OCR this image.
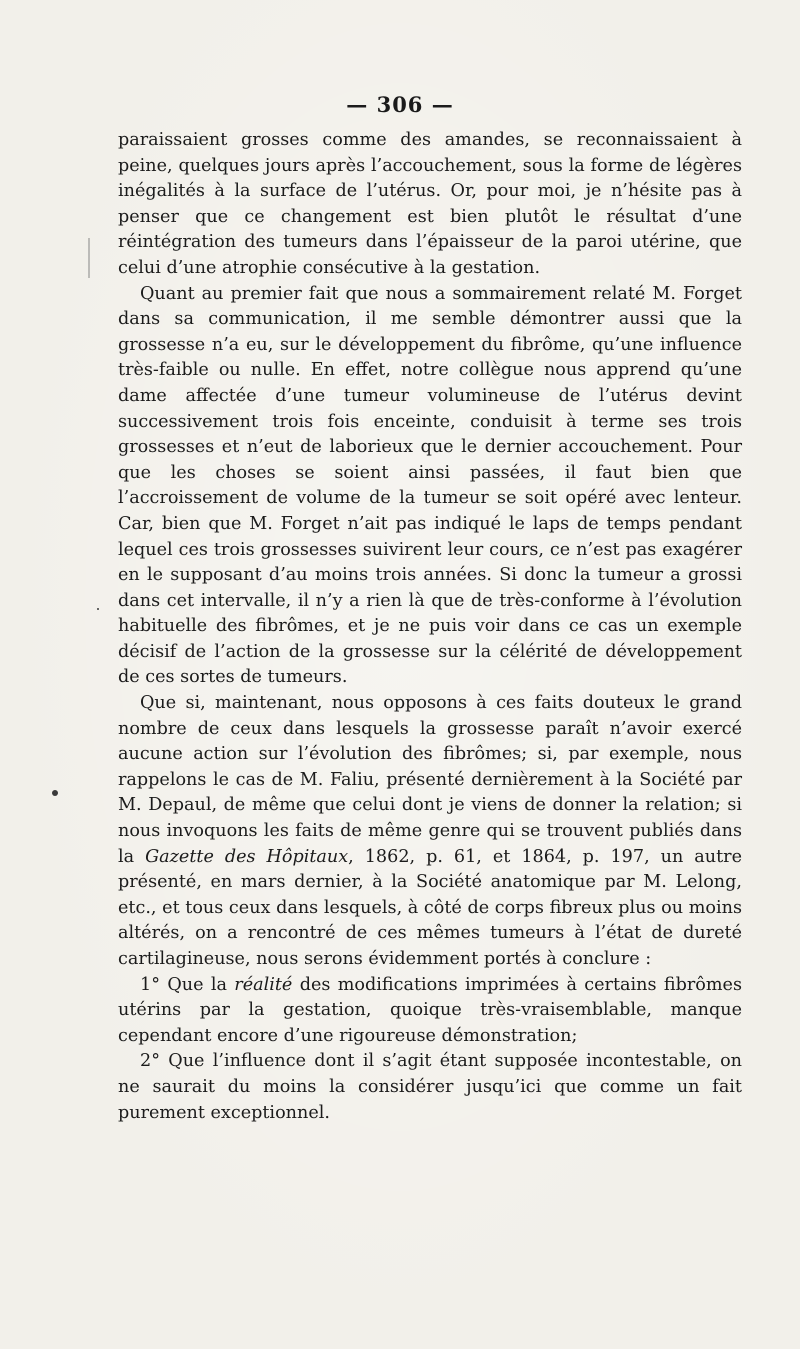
— 306 —

paraissaient grosses comme des amandes, se reconnaissaient à peine, quelques jours après l’accouchement, sous la forme de légères inégalités à la surface de l’utérus. Or, pour moi, je n’hésite pas à penser que ce changement est bien plutôt le résultat d’une réintégration des tumeurs dans l’épaisseur de la paroi utérine, que celui d’une atrophie consécutive à la gestation.

Quant au premier fait que nous a sommairement relaté M. Forget dans sa communication, il me semble démontrer aussi que la grossesse n’a eu, sur le développement du fibrôme, qu’une influence très-faible ou nulle. En effet, notre collègue nous apprend qu’une dame affectée d’une tumeur volumineuse de l’utérus devint successivement trois fois enceinte, conduisit à terme ses trois grossesses et n’eut de laborieux que le dernier accouchement. Pour que les choses se soient ainsi passées, il faut bien que l’accroissement de volume de la tumeur se soit opéré avec lenteur. Car, bien que M. Forget n’ait pas indiqué le laps de temps pendant lequel ces trois grossesses suivirent leur cours, ce n’est pas exagérer en le supposant d’au moins trois années. Si donc la tumeur a grossi dans cet intervalle, il n’y a rien là que de très-conforme à l’évolution habituelle des fibrômes, et je ne puis voir dans ce cas un exemple décisif de l’action de la grossesse sur la célérité de développement de ces sortes de tumeurs.

Que si, maintenant, nous opposons à ces faits douteux le grand nombre de ceux dans lesquels la grossesse paraît n’avoir exercé aucune action sur l’évolution des fibrômes; si, par exemple, nous rappelons le cas de M. Faliu, présenté dernièrement à la Société par M. Depaul, de même que celui dont je viens de donner la relation; si nous invoquons les faits de même genre qui se trouvent publiés dans la Gazette des Hôpitaux, 1862, p. 61, et 1864, p. 197, un autre présenté, en mars dernier, à la Société anatomique par M. Lelong, etc., et tous ceux dans lesquels, à côté de corps fibreux plus ou moins altérés, on a rencontré de ces mêmes tumeurs à l’état de dureté cartilagineuse, nous serons évidemment portés à conclure :

1° Que la réalité des modifications imprimées à certains fibrômes utérins par la gestation, quoique très-vraisemblable, manque cependant encore d’une rigoureuse démonstration;

2° Que l’influence dont il s’agit étant supposée incontestable, on ne saurait du moins la considérer jusqu’ici que comme un fait purement exceptionnel.
